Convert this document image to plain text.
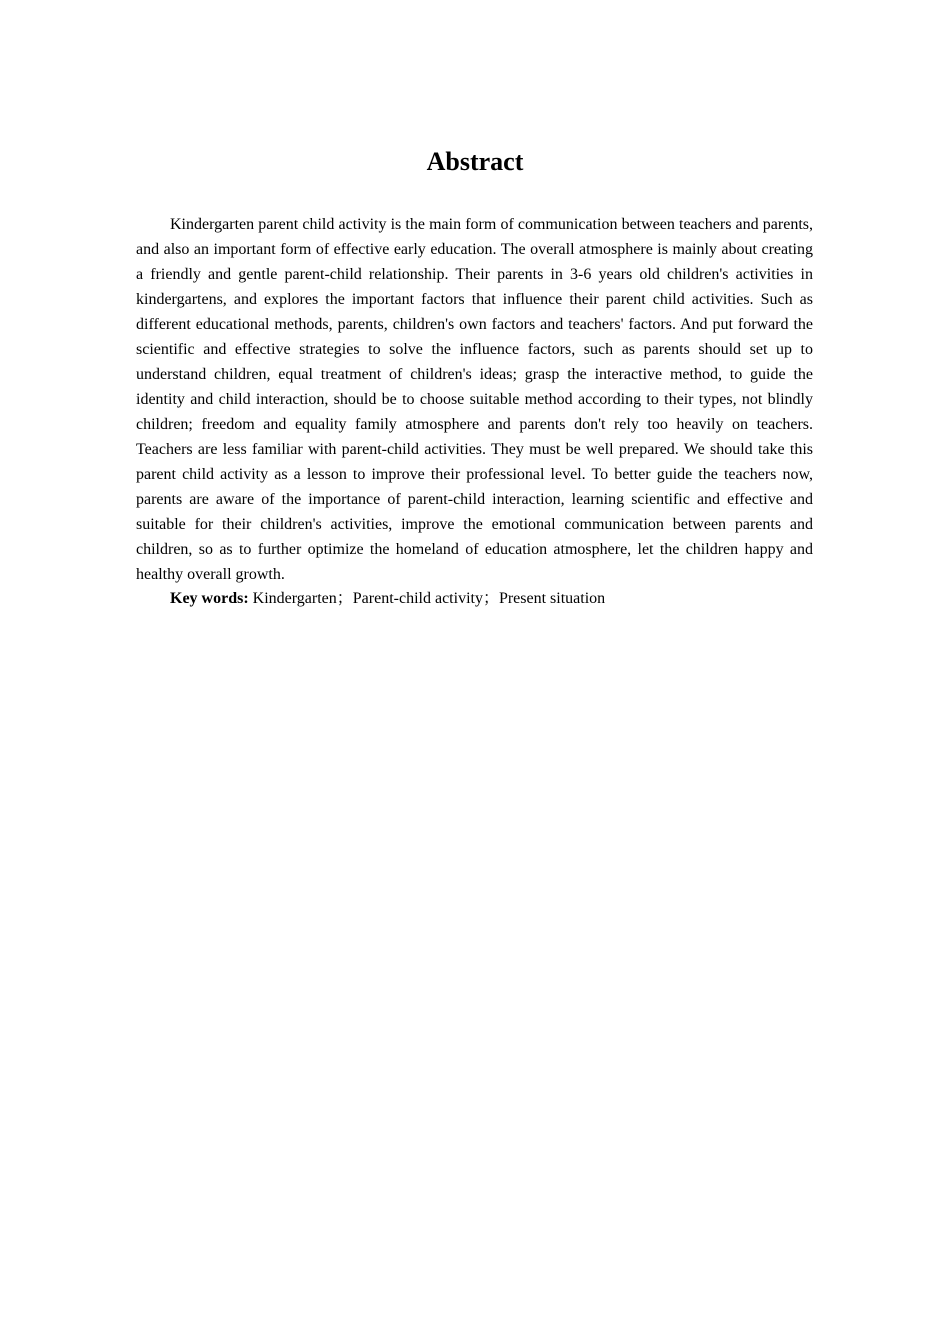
Abstract

Kindergarten parent child activity is the main form of communication between teachers and parents, and also an important form of effective early education. The overall atmosphere is mainly about creating a friendly and gentle parent-child relationship. Their parents in 3-6 years old children's activities in kindergartens, and explores the important factors that influence their parent child activities. Such as different educational methods, parents, children's own factors and teachers' factors. And put forward the scientific and effective strategies to solve the influence factors, such as parents should set up to understand children, equal treatment of children's ideas; grasp the interactive method, to guide the identity and child interaction, should be to choose suitable method according to their types, not blindly children; freedom and equality family atmosphere and parents don't rely too heavily on teachers. Teachers are less familiar with parent-child activities. They must be well prepared. We should take this parent child activity as a lesson to improve their professional level. To better guide the teachers now, parents are aware of the importance of parent-child interaction, learning scientific and effective and suitable for their children's activities, improve the emotional communication between parents and children, so as to further optimize the homeland of education atmosphere, let the children happy and healthy overall growth.

Key words: Kindergarten；Parent-child activity；Present situation
